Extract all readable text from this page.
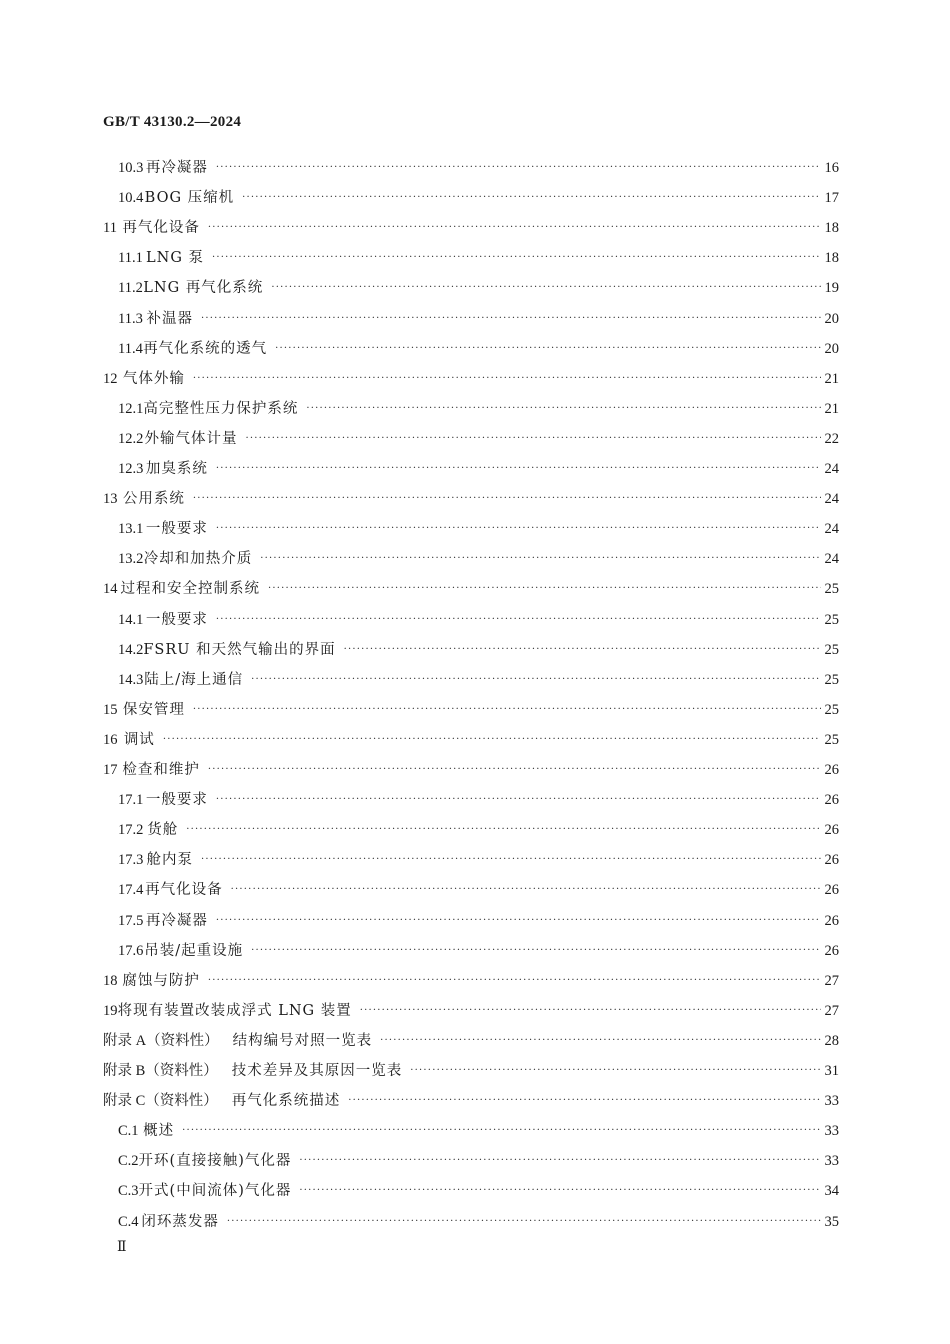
GB/T 43130.2—2024
10.3 再冷凝器 ·····	16
10.4 BOG 压缩机 ·····	17
11 再气化设备 ·····	18
11.1 LNG 泵 ·····	18
11.2 LNG 再气化系统 ·····	19
11.3 补温器 ·····	20
11.4 再气化系统的透气 ·····	20
12 气体外输 ·····	21
12.1 高完整性压力保护系统 ·····	21
12.2 外输气体计量 ·····	22
12.3 加臭系统 ·····	24
13 公用系统 ·····	24
13.1 一般要求 ·····	24
13.2 冷却和加热介质 ·····	24
14 过程和安全控制系统 ·····	25
14.1 一般要求 ·····	25
14.2 FSRU 和天然气输出的界面 ·····	25
14.3 陆上/海上通信 ·····	25
15 保安管理 ·····	25
16 调试 ·····	25
17 检查和维护 ·····	26
17.1 一般要求 ·····	26
17.2 货舱 ·····	26
17.3 舱内泵 ·····	26
17.4 再气化设备 ·····	26
17.5 再冷凝器 ·····	26
17.6 吊装/起重设施 ·····	26
18 腐蚀与防护 ·····	27
19 将现有装置改装成浮式 LNG 装置 ·····	27
附录 A（资料性） 结构编号对照一览表 ·····	28
附录 B（资料性） 技术差异及其原因一览表 ·····	31
附录 C（资料性） 再气化系统描述 ·····	33
C.1 概述 ·····	33
C.2 开环(直接接触)气化器 ·····	33
C.3 开式(中间流体)气化器 ·····	34
C.4 闭环蒸发器 ·····	35
Ⅱ
